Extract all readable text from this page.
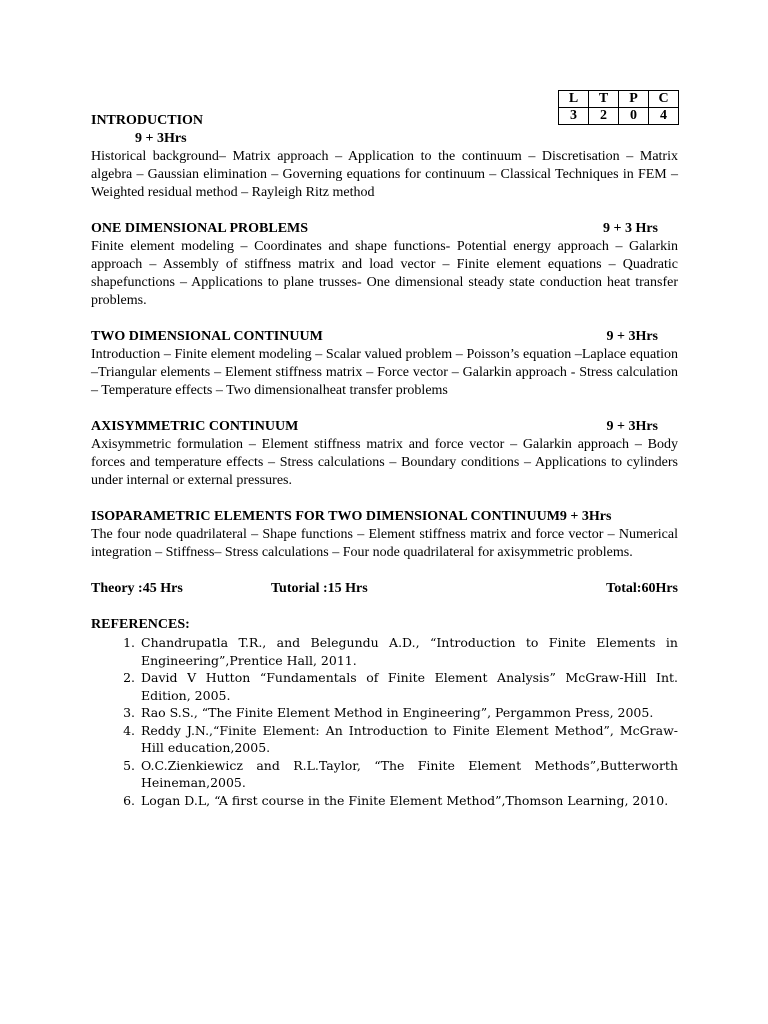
L	T	P	C
3	2	0	4
INTRODUCTION
9 + 3Hrs

Historical background– Matrix approach – Application to the continuum – Discretisation – Matrix algebra – Gaussian elimination – Governing equations for continuum – Classical Techniques in FEM – Weighted residual method – Rayleigh Ritz method

ONE DIMENSIONAL PROBLEMS	9 + 3 Hrs

Finite element modeling – Coordinates and shape functions- Potential energy approach – Galarkin approach – Assembly of stiffness matrix and load vector – Finite element equations – Quadratic shapefunctions – Applications to plane trusses- One dimensional steady state conduction heat transfer problems.

TWO DIMENSIONAL CONTINUUM	9 + 3Hrs

Introduction – Finite element modeling – Scalar valued problem – Poisson’s equation –Laplace equation –Triangular elements – Element stiffness matrix – Force vector – Galarkin approach - Stress calculation – Temperature effects – Two dimensionalheat transfer problems

AXISYMMETRIC CONTINUUM	9 + 3Hrs

Axisymmetric formulation – Element stiffness matrix and force vector – Galarkin approach – Body forces and temperature effects – Stress calculations – Boundary conditions – Applications to cylinders under internal or external pressures.

ISOPARAMETRIC ELEMENTS FOR TWO DIMENSIONAL CONTINUUM9 + 3Hrs

The four node quadrilateral – Shape functions – Element stiffness matrix and force vector – Numerical integration – Stiffness– Stress calculations – Four node quadrilateral for axisymmetric problems.

Theory :45 Hrs	Tutorial :15 Hrs	Total:60Hrs
REFERENCES:
1. Chandrupatla T.R., and Belegundu A.D., “Introduction to Finite Elements in Engineering”,Prentice Hall, 2011.
2. David V Hutton “Fundamentals of Finite Element Analysis” McGraw-Hill Int. Edition, 2005.
3. Rao S.S., “The Finite Element Method in Engineering”, Pergammon Press, 2005.
4. Reddy J.N.,“Finite Element: An Introduction to Finite Element Method”, McGraw-Hill education,2005.
5. O.C.Zienkiewicz and R.L.Taylor, “The Finite Element Methods”,Butterworth Heineman,2005.
6. Logan D.L, “A first course in the Finite Element Method”,Thomson Learning, 2010.
